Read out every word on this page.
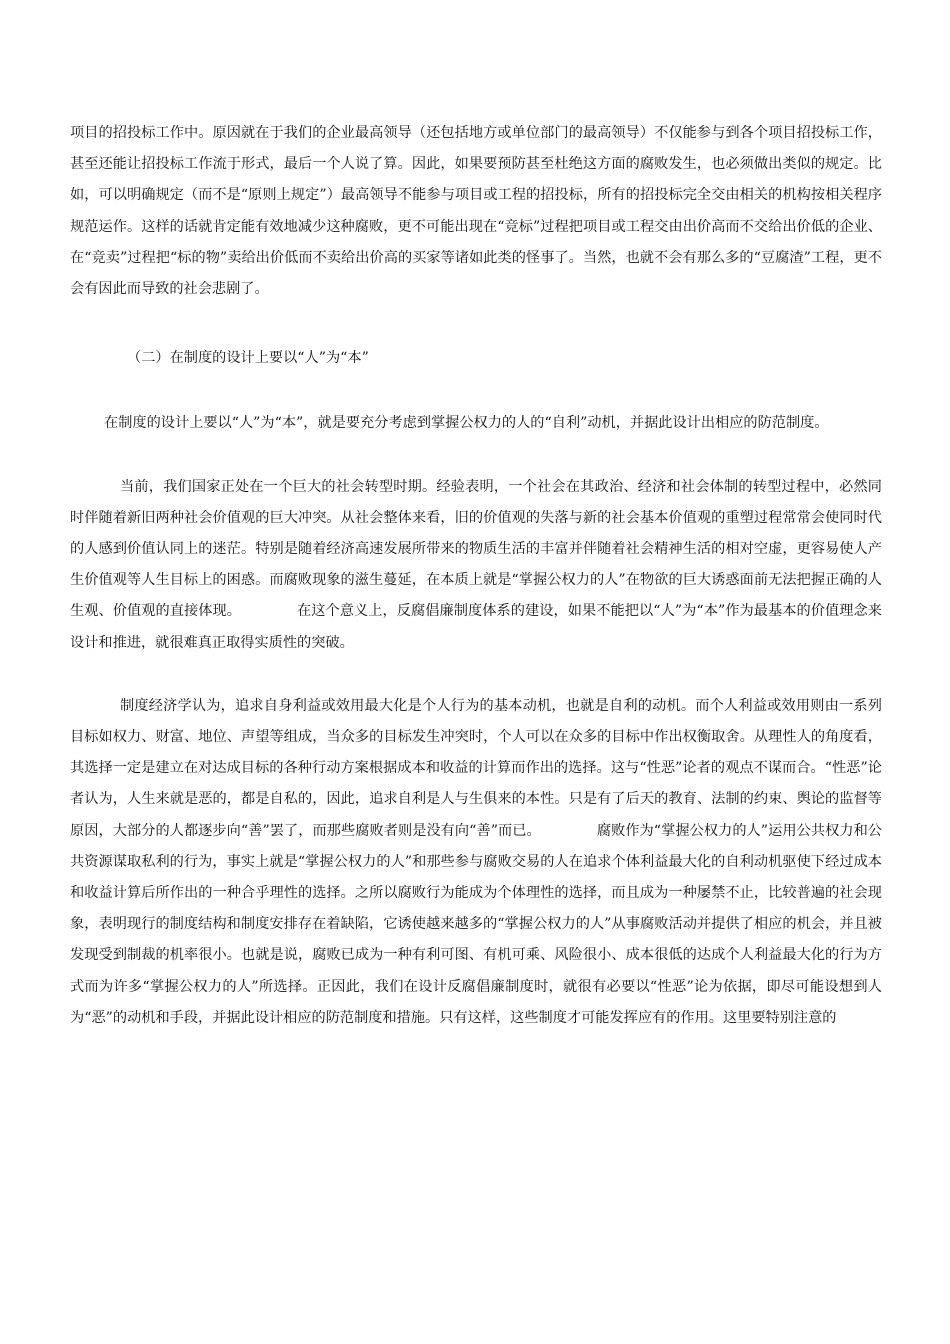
项目的招投标工作中。原因就在于我们的企业最高领导（还包括地方或单位部门的最高领导）不仅能参与到各个项目招投标工作，甚至还能让招投标工作流于形式，最后一个人说了算。因此，如果要预防甚至杜绝这方面的腐败发生，也必须做出类似的规定。比如，可以明确规定（而不是“原则上规定”）最高领导不能参与项目或工程的招投标，所有的招投标完全交由相关的机构按相关程序规范运作。这样的话就肯定能有效地减少这种腐败，更不可能出现在“竞标”过程把项目或工程交由出价高而不交给出价低的企业、在“竞卖”过程把“标的物”卖给出价低而不卖给出价高的买家等诸如此类的怪事了。当然，也就不会有那么多的“豆腐渣”工程，更不会有因此而导致的社会悲剧了。

（二）在制度的设计上要以“人”为“本”

在制度的设计上要以“人”为“本”，就是要充分考虑到掌握公权力的人的“自利”动机，并据此设计出相应的防范制度。

当前，我们国家正处在一个巨大的社会转型时期。经验表明，一个社会在其政治、经济和社会体制的转型过程中，必然同时伴随着新旧两种社会价值观的巨大冲突。从社会整体来看，旧的价值观的失落与新的社会基本价值观的重塑过程常常会使同时代的人感到价值认同上的迷茫。特别是随着经济高速发展所带来的物质生活的丰富并伴随着社会精神生活的相对空虚，更容易使人产生价值观等人生目标上的困惑。而腐败现象的滋生蔓延，在本质上就是“掌握公权力的人”在物欲的巨大诱惑面前无法把握正确的人生观、价值观的直接体现。	在这个意义上，反腐倡廉制度体系的建设，如果不能把以“人”为“本”作为最基本的价值理念来设计和推进，就很难真正取得实质性的突破。

制度经济学认为，追求自身利益或效用最大化是个人行为的基本动机，也就是自利的动机。而个人利益或效用则由一系列目标如权力、财富、地位、声望等组成，当众多的目标发生冲突时，个人可以在众多的目标中作出权衡取舍。从理性人的角度看，其选择一定是建立在对达成目标的各种行动方案根据成本和收益的计算而作出的选择。这与“性恶”论者的观点不谋而合。“性恶”论者认为，人生来就是恶的，都是自私的，因此，追求自利是人与生俱来的本性。只是有了后天的教育、法制的约束、舆论的监督等原因，大部分的人都逐步向“善”罢了，而那些腐败者则是没有向“善”而已。	腐败作为“掌握公权力的人”运用公共权力和公共资源谋取私利的行为，事实上就是“掌握公权力的人”和那些参与腐败交易的人在追求个体利益最大化的自利动机驱使下经过成本和收益计算后所作出的一种合乎理性的选择。之所以腐败行为能成为个体理性的选择，而且成为一种屡禁不止，比较普遍的社会现象，表明现行的制度结构和制度安排存在着缺陷，它诱使越来越多的“掌握公权力的人”从事腐败活动并提供了相应的机会，并且被发现受到制裁的机率很小。也就是说，腐败已成为一种有利可图、有机可乘、风险很小、成本很低的达成个人利益最大化的行为方式而为许多“掌握公权力的人”所选择。正因此，我们在设计反腐倡廉制度时，就很有必要以“性恶”论为依据，即尽可能设想到人为“恶”的动机和手段，并据此设计相应的防范制度和措施。只有这样，这些制度才可能发挥应有的作用。这里要特别注意的
